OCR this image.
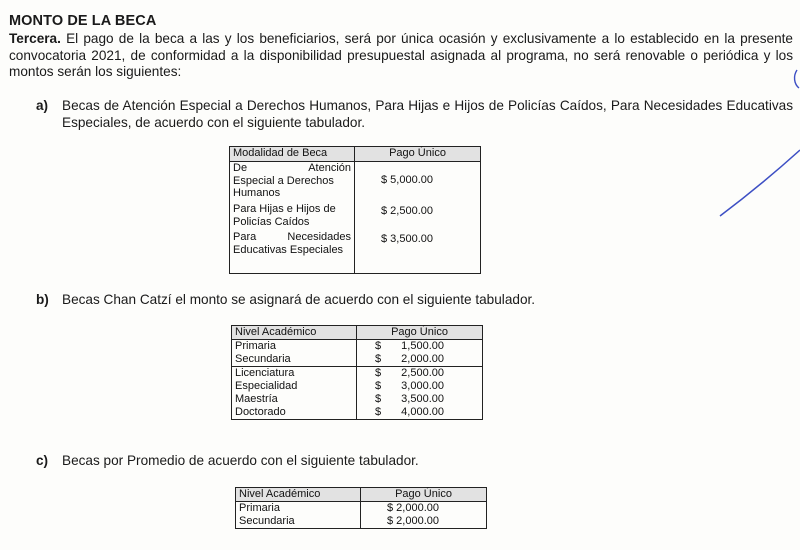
MONTO DE LA BECA
Tercera. El pago de la beca a las y los beneficiarios, será por única ocasión y exclusivamente a lo establecido en la presente convocatoria 2021, de conformidad a la disponibilidad presupuestal asignada al programa, no será renovable o periódica y los montos serán los siguientes:
a) Becas de Atención Especial a Derechos Humanos, Para Hijas e Hijos de Policías Caídos, Para Necesidades Educativas Especiales, de acuerdo con el siguiente tabulador.
Modalidad de Beca	Pago Único

De Atención
Especial a Derechos Humanos	$ 5,000.00
Para Hijas e Hijos de Policías Caídos	$ 2,500.00

Para Necesidades
Educativas Especiales	$ 3,500.00
b) Becas Chan Catzí el monto se asignará de acuerdo con el siguiente tabulador.
Nivel Académico	Pago Único	
Primaria	$	1,500.00
Secundaria	$	2,000.00
Licenciatura	$	2,500.00
Especialidad	$	3,000.00
Maestría	$	3,500.00
Doctorado	$	4,000.00
c) Becas por Promedio de acuerdo con el siguiente tabulador.
Nivel Académico	Pago Único
Primaria	$ 2,000.00
Secundaria	$ 2,000.00
